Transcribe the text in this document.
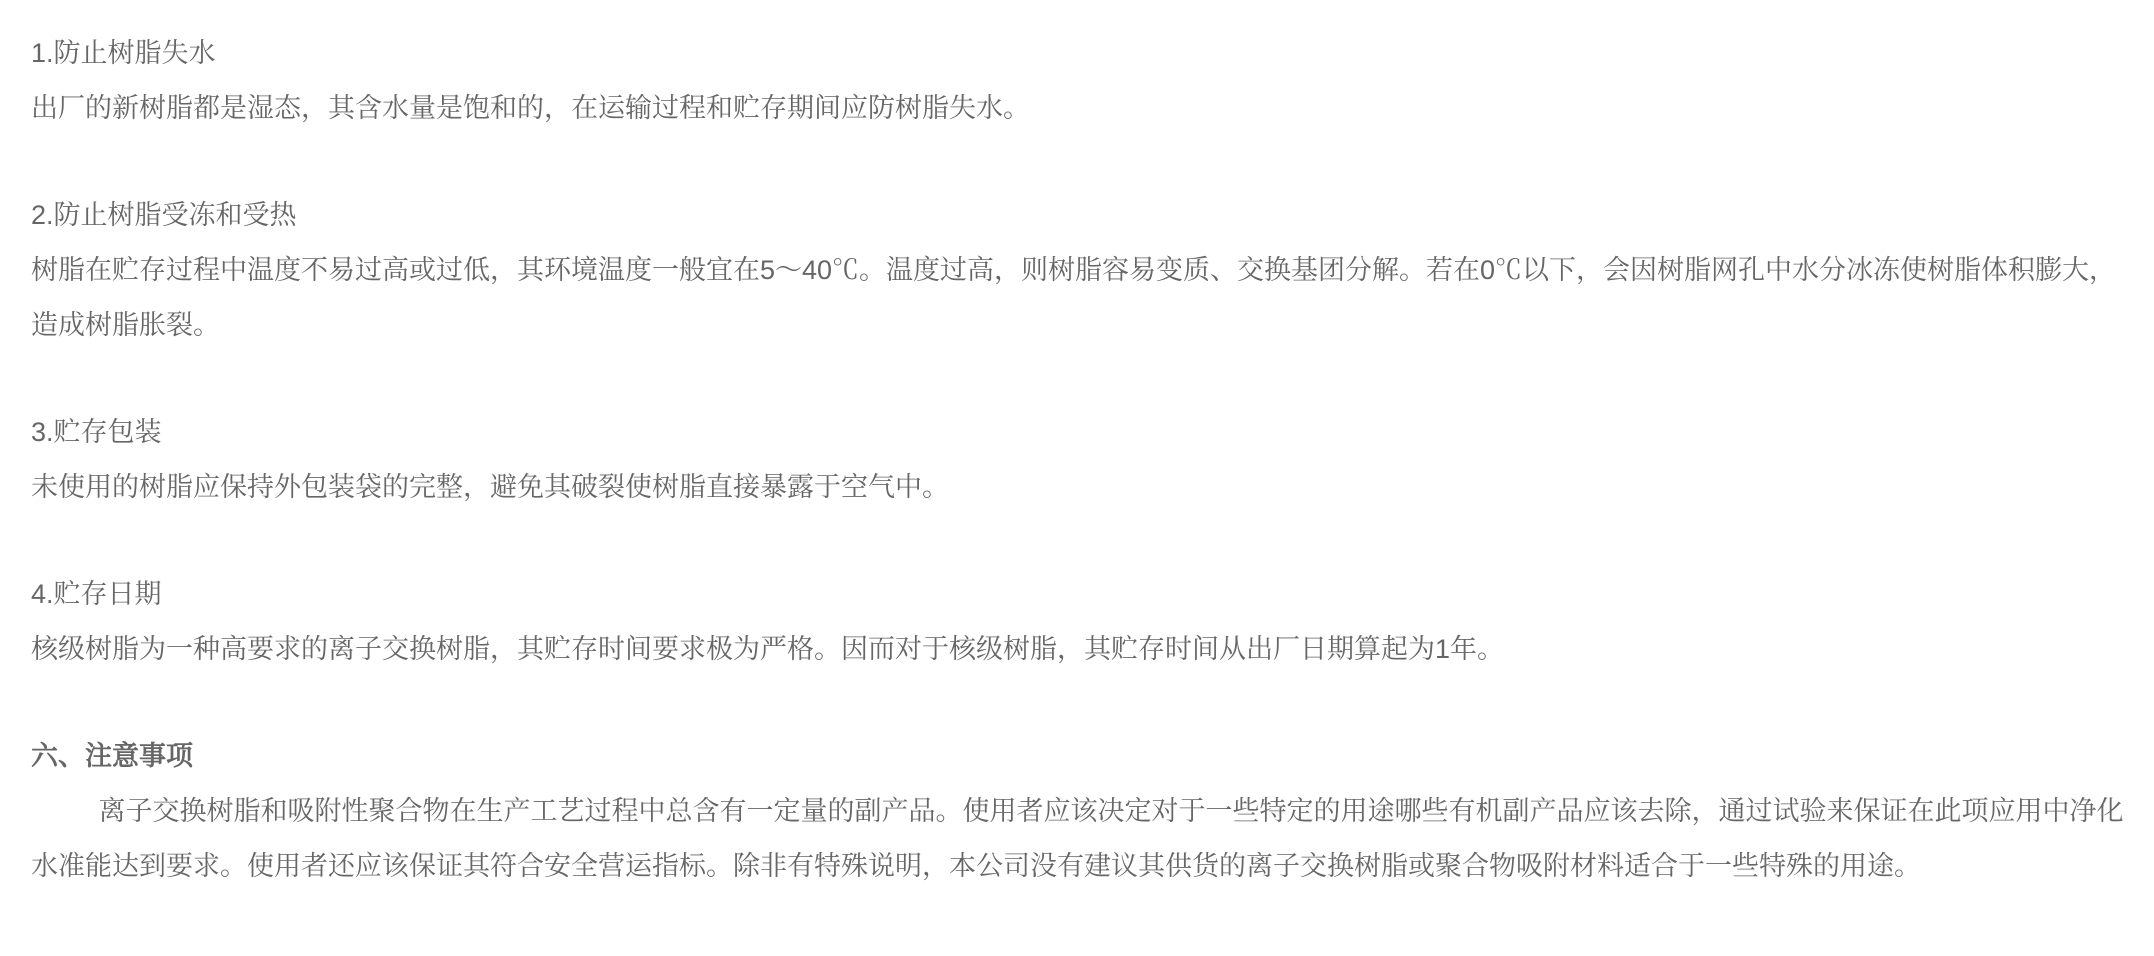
1.防止树脂失水

出厂的新树脂都是湿态，其含水量是饱和的，在运输过程和贮存期间应防树脂失水。

2.防止树脂受冻和受热

树脂在贮存过程中温度不易过高或过低，其环境温度一般宜在5～40℃。温度过高，则树脂容易变质、交换基团分解。若在0℃以下，会因树脂网孔中水分冰冻使树脂体积膨大，造成树脂胀裂。

3.贮存包装

未使用的树脂应保持外包装袋的完整，避免其破裂使树脂直接暴露于空气中。

4.贮存日期

核级树脂为一种高要求的离子交换树脂，其贮存时间要求极为严格。因而对于核级树脂，其贮存时间从出厂日期算起为1年。

六、注意事项

离子交换树脂和吸附性聚合物在生产工艺过程中总含有一定量的副产品。使用者应该决定对于一些特定的用途哪些有机副产品应该去除，通过试验来保证在此项应用中净化水准能达到要求。使用者还应该保证其符合安全营运指标。除非有特殊说明，本公司没有建议其供货的离子交换树脂或聚合物吸附材料适合于一些特殊的用途。
